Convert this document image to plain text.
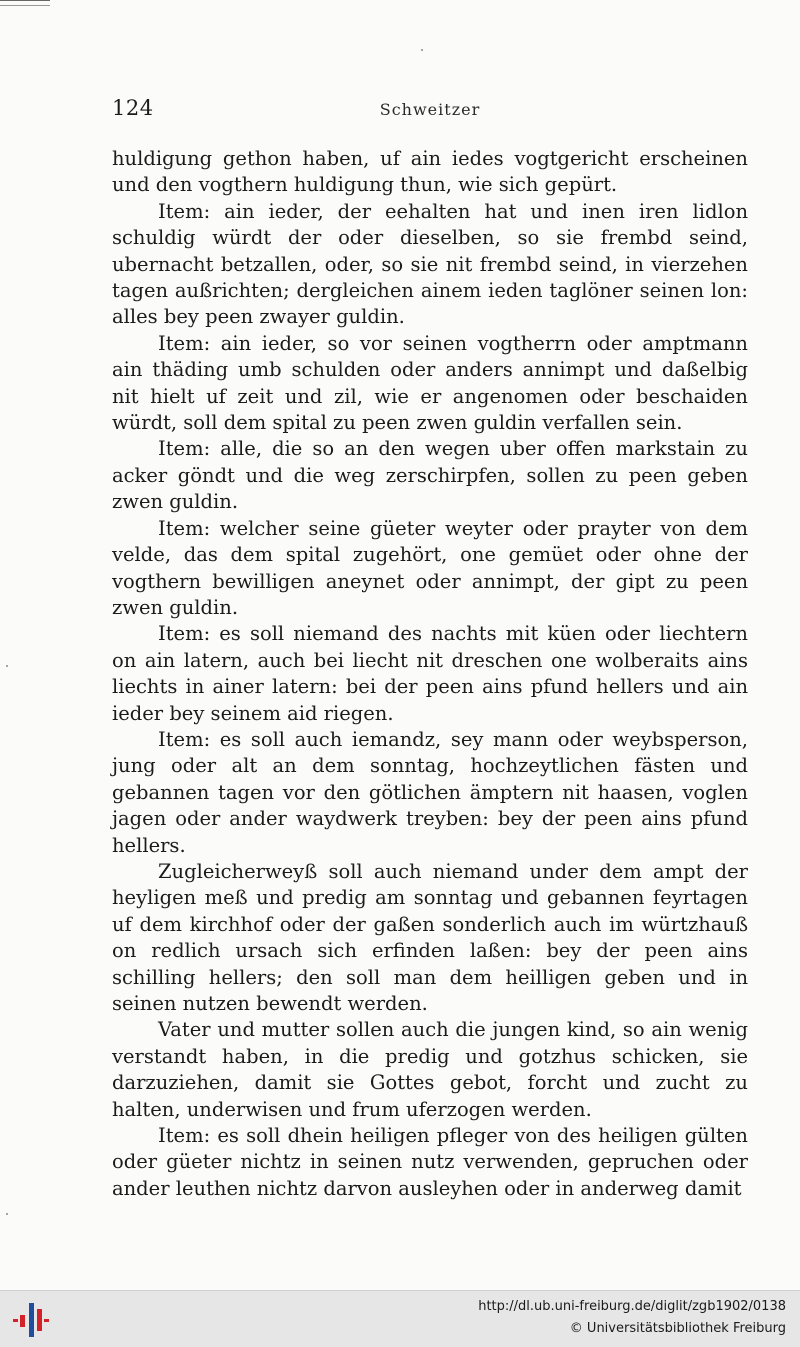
124	Schweitzer

huldigung gethon haben, uf ain iedes vogtgericht erscheinen und den vogthern huldigung thun, wie sich gepürt.

Item: ain ieder, der eehalten hat und inen iren lidlon schuldig würdt der oder dieselben, so sie frembd seind, ubernacht betzallen, oder, so sie nit frembd seind, in vierzehen tagen außrichten; dergleichen ainem ieden taglöner seinen lon: alles bey peen zwayer guldin.

Item: ain ieder, so vor seinen vogtherrn oder amptmann ain thäding umb schulden oder anders annimpt und daßelbig nit hielt uf zeit und zil, wie er angenomen oder beschaiden würdt, soll dem spital zu peen zwen guldin verfallen sein.

Item: alle, die so an den wegen uber offen markstain zu acker göndt und die weg zerschirpfen, sollen zu peen geben zwen guldin.

Item: welcher seine güeter weyter oder prayter von dem velde, das dem spital zugehört, one gemüet oder ohne der vogthern bewilligen aneynet oder annimpt, der gipt zu peen zwen guldin.

Item: es soll niemand des nachts mit küen oder liechtern on ain latern, auch bei liecht nit dreschen one wolberaits ains liechts in ainer latern: bei der peen ains pfund hellers und ain ieder bey seinem aid riegen.

Item: es soll auch iemandz, sey mann oder weybsperson, jung oder alt an dem sonntag, hochzeytlichen fästen und gebannen tagen vor den götlichen ämptern nit haasen, voglen jagen oder ander waydwerk treyben: bey der peen ains pfund hellers.

Zugleicherweyß soll auch niemand under dem ampt der heyligen meß und predig am sonntag und gebannen feyrtagen uf dem kirchhof oder der gaßen sonderlich auch im würtzhauß on redlich ursach sich erfinden laßen: bey der peen ains schilling hellers; den soll man dem heilligen geben und in seinen nutzen bewendt werden.

Vater und mutter sollen auch die jungen kind, so ain wenig verstandt haben, in die predig und gotzhus schicken, sie darzuziehen, damit sie Gottes gebot, forcht und zucht zu halten, underwisen und frum uferzogen werden.

Item: es soll dhein heiligen pfleger von des heiligen gülten oder güeter nichtz in seinen nutz verwenden, gepruchen oder ander leuthen nichtz darvon ausleyhen oder in anderweg damit

http://dl.ub.uni-freiburg.de/diglit/zgb1902/0138
© Universitätsbibliothek Freiburg
